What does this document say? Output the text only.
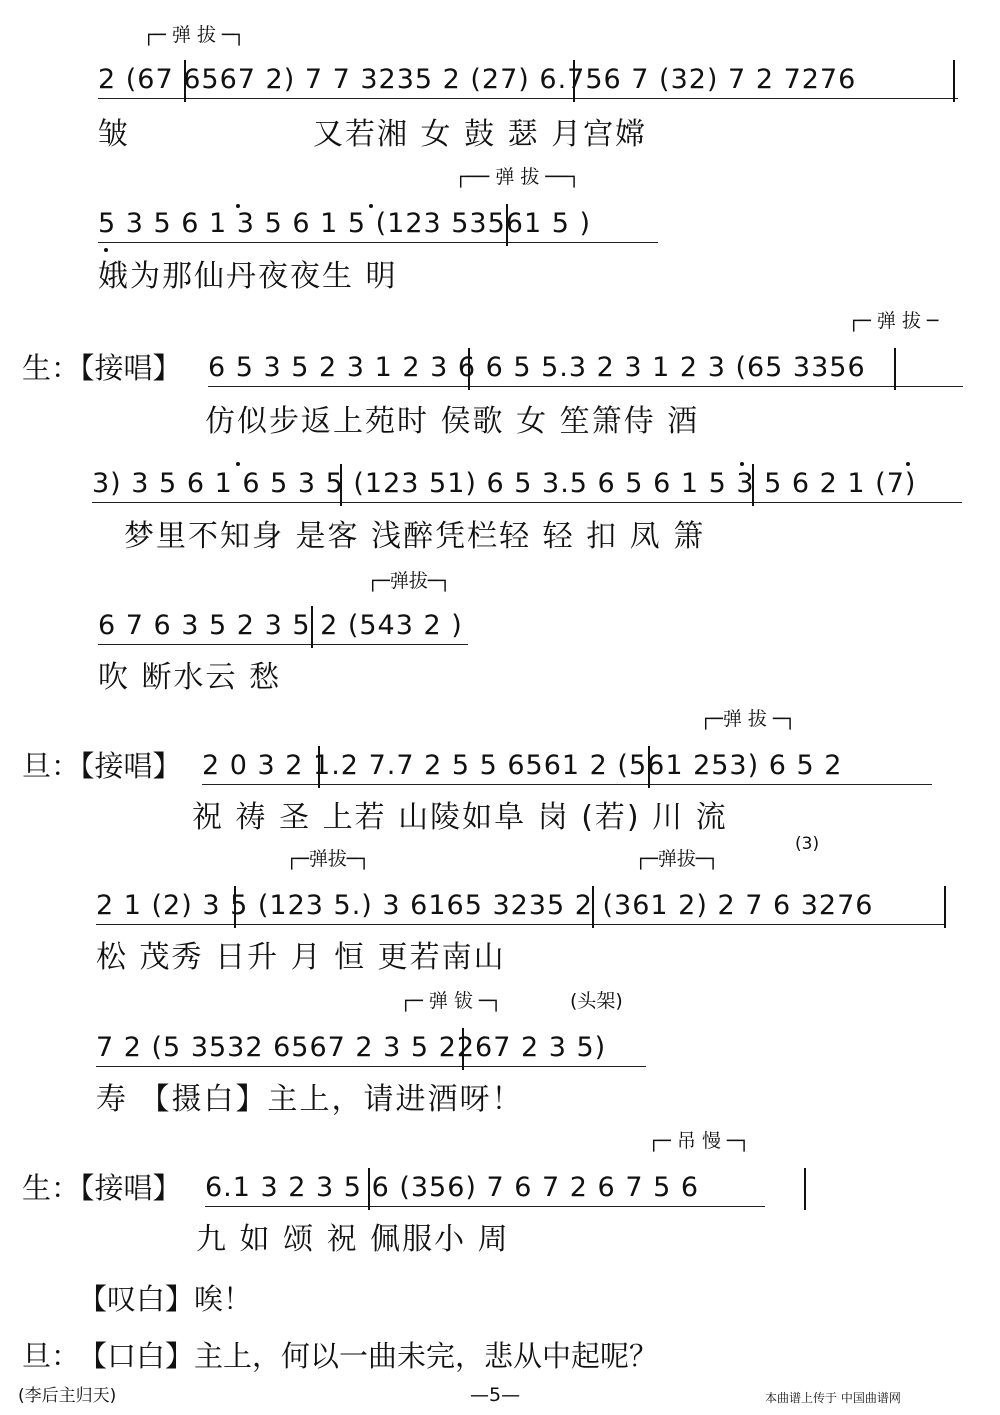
┌─ 弹 拔 ─┐
2 (67 6567 2) 7 7 3235 2 (27) 6.756 7 (32) 7 2 7276
皱	又若湘 女 鼓 瑟 月宫嫦
┌── 弹 拔 ──┐
5 3 5 6 1 3 5 6 1 5 (123 53561 5 )
娥为那仙丹夜夜生 明
┌─ 弹 拔 ─
生：【接唱】 6 5 3 5 2 3 1 2 3 6 6 5 5.3 2 3 1 2 3 (65 3356
仿似步返上苑时 侯歌 女 笙箫侍 酒
3) 3 5 6 1 6 5 3 5 (123 51) 6 5 3.5 6 5 6 1 5 3 5 6 2 1 (7)
梦里不知身 是客 浅醉凭栏轻 轻 扣 凤 箫
┌─弹拔─┐
6 7 6 3 5 2 3 5 2 (543 2 )
吹 断水云 愁
┌─弹 拔 ─┐
旦：【接唱】 2 0 3 2 1.2 7.7 2 5 5 6561 2 (561 253) 6 5 2
祝 祷 圣 上若 山陵如阜 岗 (若) 川 流
(3)
┌─弹拔─┐	┌─弹拔─┐
2 1 (2) 3 5 (123 5.) 3 6165 3235 2 (361 2) 2 7 6 3276
松 茂秀 日升 月 恒 更若南山
┌─ 弹 钹 ─┐	(头架)
7 2 (5 3532 6567 2 3 5 2267 2 3 5)
寿 【摄白】主上，请进酒呀！
┌─ 吊 慢 ─┐
生：【接唱】 6.1 3 2 3 5 6 (356) 7 6 7 2 6 7 5 6
九 如 颂 祝 佩服小 周
【叹白】唉！
旦：
【口白】主上，何以一曲未完，悲从中起呢？
(李后主归天)	—5—	本曲谱上传于 中国曲谱网
